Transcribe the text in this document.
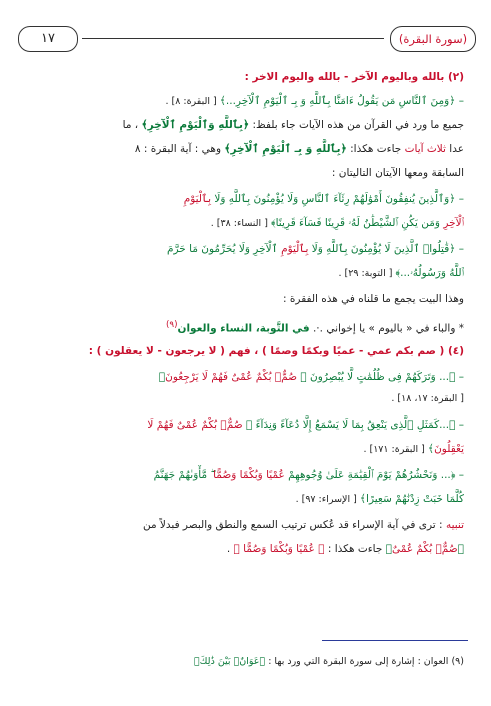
(سورة البقرة)
١٧
(٢) بالله وباليوم الآخر - بالله واليوم الاخر :
– ﴿وَمِنَ ٱلنَّاسِ مَن يَقُولُ ءَامَنَّا بِٱللَّهِ وَ بِـ ٱلْيَوْمِ ٱلْآخِرِ...﴾ [ البقرة: ٨] .
جميع ما ورد في القرآن من هذه الآيات جاء بلفظ: ﴿بِٱللَّهِ وَٱلْيَوْمِ ٱلْآخِرِ﴾ ، ما
عدا ثلاث آيات جاءت هكذا: ﴿بِٱللَّهِ وَ بِـ ٱلْيَوْمِ ٱلْآخِرِ﴾ وهي : آية البقرة : ٨
السابقة ومعها الآيتان التاليتان :
– ﴿وَٱلَّذِينَ يُنفِقُونَ أَمْوَٰلَهُمْ رِئَآءَ ٱلنَّاسِ وَلَا يُؤْمِنُونَ بِٱللَّهِ وَلَا بِٱلْيَوْمِ
ٱلْآخِرِ وَمَن يَكُنِ ٱلشَّيْطَٰنُ لَهُۥ قَرِينًا فَسَآءَ قَرِينًا﴾ [ النساء: ٣٨] .
– ﴿قَٰتِلُوا۟ ٱلَّذِينَ لَا يُؤْمِنُونَ بِٱللَّهِ وَلَا بِٱلْيَوْمِ ٱلْآخِرِ وَلَا يُحَرِّمُونَ مَا حَرَّمَ
ٱللَّهُ وَرَسُولُهُۥ...﴾ [ التوبة: ٢٩] .
وهذا البيت يجمع ما قلناه في هذه الفقرة :
* والباء في « باليوم » يا إخواني .·. في التَّوبة، النساء والعوان$^{(٩)}$
(٤) ( صم بكم عمي - عميًا وبكمًا وصمًا ) ، فهم ( لا يرجعون - لا يعقلون ) :
– ﴿... وَتَرَكَهُمْ فِى ظُلُمَٰتٍ لَّا يُبْصِرُونَ ۞ صُمٌّۢ بُكْمٌ عُمْىٌ فَهُمْ لَا يَرْجِعُونَ﴾
[ البقرة: ١٧، ١٨] .
– ﴿...كَمَثَلِ ٱلَّذِى يَنْعِقُ بِمَا لَا يَسْمَعُ إِلَّا دُعَآءً وَنِدَآءً ۚ صُمٌّۢ بُكْمٌ عُمْىٌ فَهُمْ لَا
يَعْقِلُونَ﴾ [ البقرة: ١٧١] .
– ﴿... وَنَحْشُرُهُمْ يَوْمَ ٱلْقِيَٰمَةِ عَلَىٰ وُجُوهِهِمْ عُمْيًا وَبُكْمًا وَصُمًّا ۖ مَّأْوَىٰهُمْ جَهَنَّمُ
كُلَّمَا خَبَتْ زِدْنَٰهُمْ سَعِيرًا﴾ [ الإسراء: ٩٧] .
تنبيه : ترى في آية الإسراء قد عُكس ترتيب السمع والنطق والبصر فبدلاً من
﴿صُمٌّۢ بُكْمٌ عُمْىٌ﴾ جاءت هكذا : ﴿ عُمْيًا وَبُكْمًا وَصُمًّا ﴾ .
(٩) العوان : إشارة إلى سورة البقرة التي ورد بها : ﴿عَوَانٌۢ بَيْنَ ذَٰلِكَ﴾
